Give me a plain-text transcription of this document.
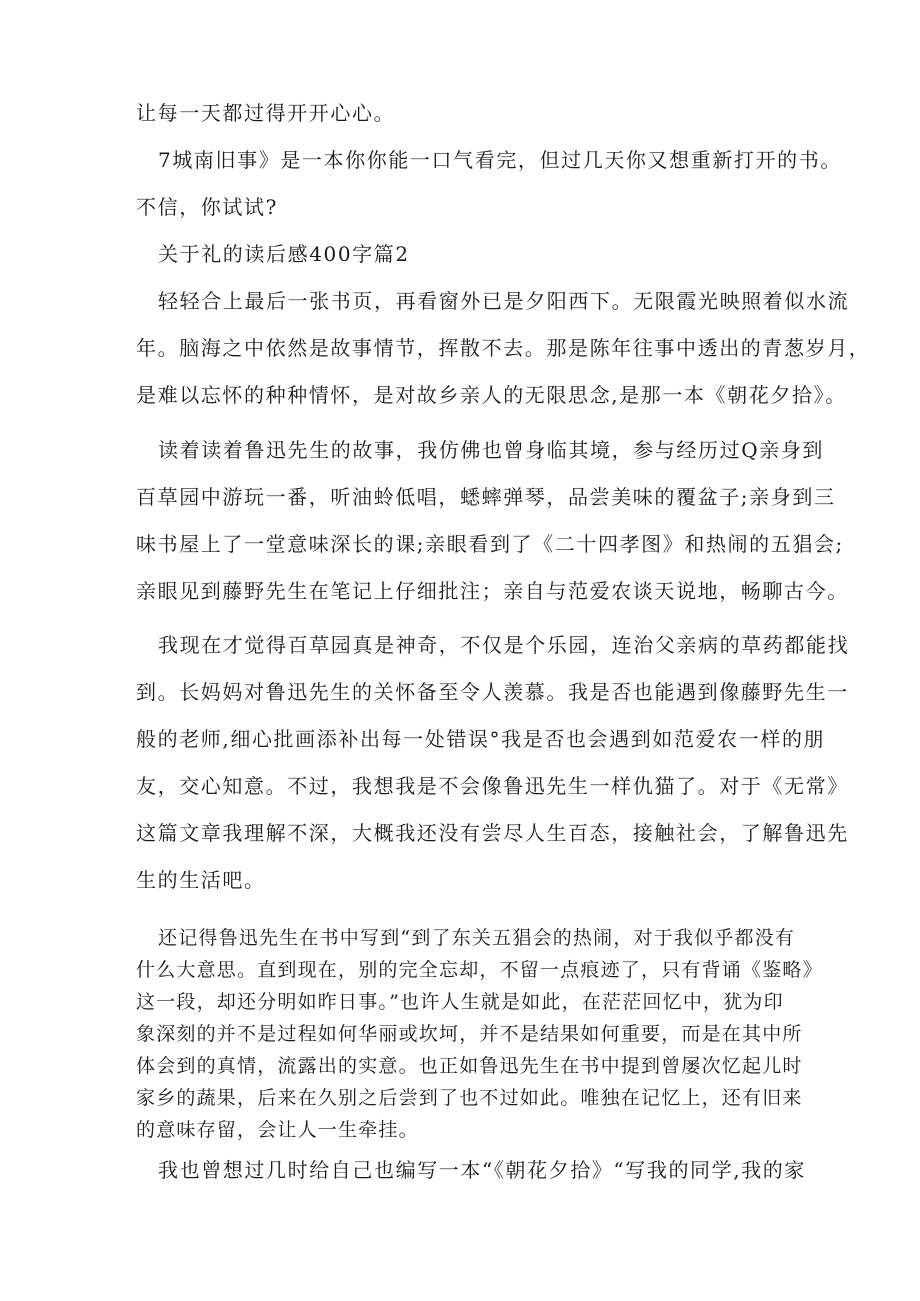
让每一天都过得开开心心。

7城南旧事》是一本你你能一口气看完，但过几天你又想重新打开的书。

不信，你试试?

关于礼的读后感400字篇2

轻轻合上最后一张书页，再看窗外已是夕阳西下。无限霞光映照着似水流

年。脑海之中依然是故事情节，挥散不去。那是陈年往事中透出的青葱岁月，

是难以忘怀的种种情怀，是对故乡亲人的无限思念,是那一本《朝花夕拾》。

读着读着鲁迅先生的故事，我仿佛也曾身临其境，参与经历过Q亲身到

百草园中游玩一番，听油蛉低唱，蟋蟀弹琴，品尝美味的覆盆子;亲身到三

味书屋上了一堂意味深长的课;亲眼看到了《二十四孝图》和热闹的五猖会;

亲眼见到藤野先生在笔记上仔细批注；亲自与范爱农谈天说地，畅聊古今。

我现在才觉得百草园真是神奇，不仅是个乐园，连治父亲病的草药都能找

到。长妈妈对鲁迅先生的关怀备至令人羡慕。我是否也能遇到像藤野先生一

般的老师,细心批画添补出每一处错误°我是否也会遇到如范爱农一样的朋

友，交心知意。不过，我想我是不会像鲁迅先生一样仇猫了。对于《无常》

这篇文章我理解不深，大概我还没有尝尽人生百态，接触社会，了解鲁迅先

生的生活吧。

还记得鲁迅先生在书中写到“到了东关五猖会的热闹，对于我似乎都没有

什么大意思。直到现在，别的完全忘却，不留一点痕迹了，只有背诵《鉴略》

这一段，却还分明如昨日事。”也许人生就是如此，在茫茫回忆中，犹为印

象深刻的并不是过程如何华丽或坎坷，并不是结果如何重要，而是在其中所

体会到的真情，流露出的实意。也正如鲁迅先生在书中提到曾屡次忆起儿时

家乡的蔬果，后来在久别之后尝到了也不过如此。唯独在记忆上，还有旧来

的意味存留，会让人一生牵挂。

我也曾想过几时给自己也编写一本“《朝花夕拾》“写我的同学,我的家
